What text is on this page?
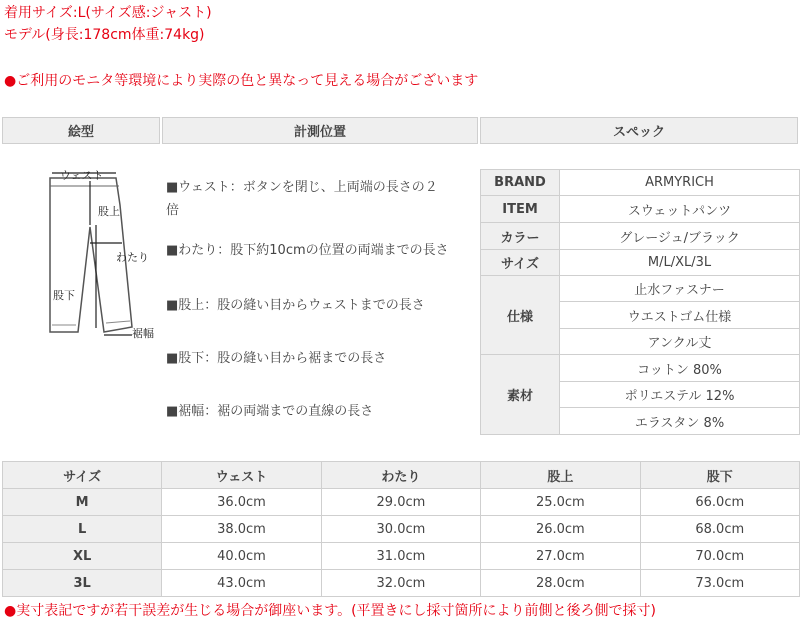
着用サイズ:L(サイズ感:ジャスト)
モデル(身長:178cm体重:74kg)
●ご利用のモニタ等環境により実際の色と異なって見える場合がございます
絵型	計測位置	スペック
ウェスト
股上
わたり
股下
裾幅
■ウェスト：ボタンを閉じ、上両端の長さの２
倍
■わたり：股下約10cmの位置の両端までの長さ
■股上：股の縫い目からウェストまでの長さ
■股下：股の縫い目から裾までの長さ
■裾幅：裾の両端までの直線の長さ
BRAND	ARMYRICH
ITEM	スウェットパンツ
カラー	グレージュ/ブラック
サイズ	M/L/XL/3L
仕様	止水ファスナー
	ウエストゴム仕様
	アンクル丈
素材	コットン 80%
	ポリエステル 12%
	エラスタン 8%
サイズ	ウェスト	わたり	股上	股下
M	36.0cm	29.0cm	25.0cm	66.0cm
L	38.0cm	30.0cm	26.0cm	68.0cm
XL	40.0cm	31.0cm	27.0cm	70.0cm
3L	43.0cm	32.0cm	28.0cm	73.0cm
●実寸表記ですが若干誤差が生じる場合が御座います。(平置きにし採寸箇所により前側と後ろ側で採寸)
